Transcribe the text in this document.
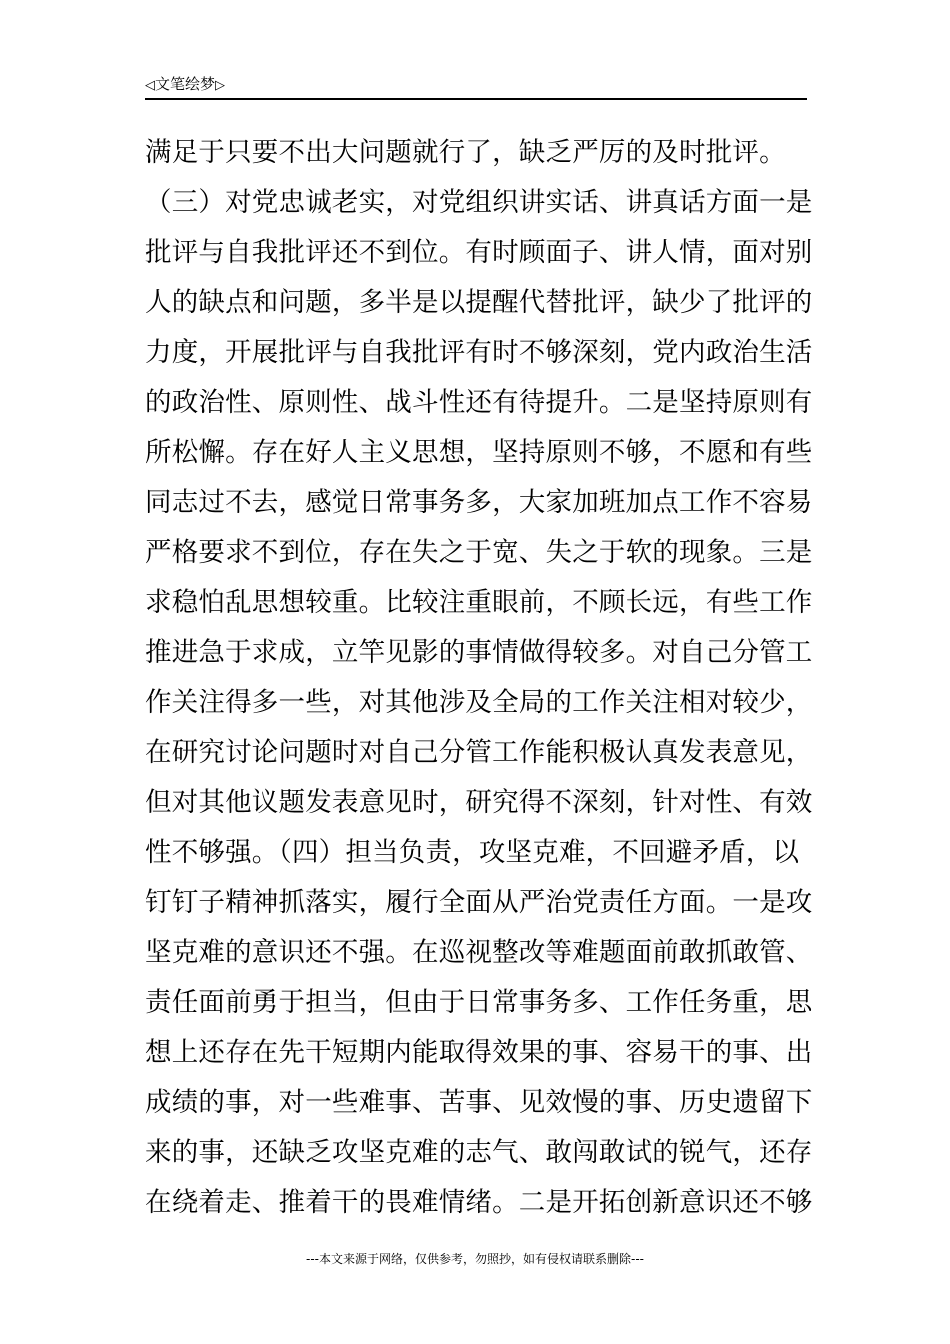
◁文笔绘梦▷
满足于只要不出大问题就行了，缺乏严厉的及时批评。
（三）对党忠诚老实，对党组织讲实话、讲真话方面一是
批评与自我批评还不到位。有时顾面子、讲人情，面对别
人的缺点和问题，多半是以提醒代替批评，缺少了批评的
力度，开展批评与自我批评有时不够深刻，党内政治生活
的政治性、原则性、战斗性还有待提升。二是坚持原则有
所松懈。存在好人主义思想，坚持原则不够，不愿和有些
同志过不去，感觉日常事务多，大家加班加点工作不容易
严格要求不到位，存在失之于宽、失之于软的现象。三是
求稳怕乱思想较重。比较注重眼前，不顾长远，有些工作
推进急于求成，立竿见影的事情做得较多。对自己分管工
作关注得多一些，对其他涉及全局的工作关注相对较少，
在研究讨论问题时对自己分管工作能积极认真发表意见，
但对其他议题发表意见时，研究得不深刻，针对性、有效
性不够强。（四）担当负责，攻坚克难，不回避矛盾，以
钉钉子精神抓落实，履行全面从严治党责任方面。一是攻
坚克难的意识还不强。在巡视整改等难题面前敢抓敢管、
责任面前勇于担当，但由于日常事务多、工作任务重，思
想上还存在先干短期内能取得效果的事、容易干的事、出
成绩的事，对一些难事、苦事、见效慢的事、历史遗留下
来的事，还缺乏攻坚克难的志气、敢闯敢试的锐气，还存
在绕着走、推着干的畏难情绪。二是开拓创新意识还不够
---本文来源于网络，仅供参考，勿照抄，如有侵权请联系删除---
